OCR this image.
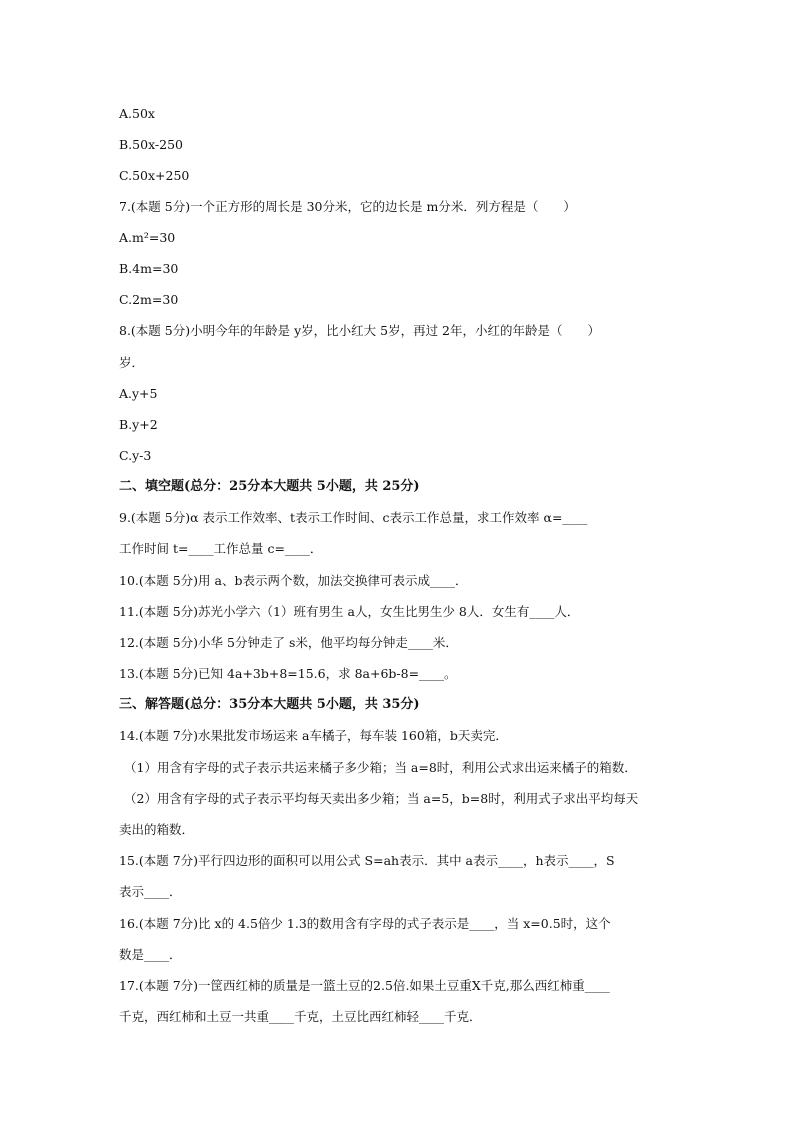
A.50x
B.50x-250
C.50x+250
7.(本题 5分)一个正方形的周长是 30分米，它的边长是 m分米．列方程是（　　）
A.m²=30
B.4m=30
C.2m=30
8.(本题 5分)小明今年的年龄是 y岁，比小红大 5岁，再过 2年，小红的年龄是（　　）
岁．
A.y+5
B.y+2
C.y-3
二、填空题(总分：25分本大题共 5小题，共 25分)
9.(本题 5分)α 表示工作效率、t表示工作时间、c表示工作总量，求工作效率 α=____
工作时间 t=____工作总量 c=____．
10.(本题 5分)用 a、b表示两个数，加法交换律可表示成____．
11.(本题 5分)苏光小学六（1）班有男生 a人，女生比男生少 8人．女生有____人．
12.(本题 5分)小华 5分钟走了 s米，他平均每分钟走____米．
13.(本题 5分)已知 4a+3b+8=15.6，求 8a+6b-8=____。
三、解答题(总分：35分本大题共 5小题，共 35分)
14.(本题 7分)水果批发市场运来 a车橘子，每车装 160箱，b天卖完．
（1）用含有字母的式子表示共运来橘子多少箱；当 a=8时，利用公式求出运来橘子的箱数．
（2）用含有字母的式子表示平均每天卖出多少箱；当 a=5，b=8时，利用式子求出平均每天
卖出的箱数．
15.(本题 7分)平行四边形的面积可以用公式 S=ah表示．其中 a表示____，h表示____，S
表示____．
16.(本题 7分)比 x的 4.5倍少 1.3的数用含有字母的式子表示是____，当 x=0.5时，这个
数是____．
17.(本题 7分)一筐西红柿的质量是一篮土豆的2.5倍.如果土豆重X千克,那么西红柿重____
千克，西红柿和土豆一共重____千克，土豆比西红柿轻____千克．
